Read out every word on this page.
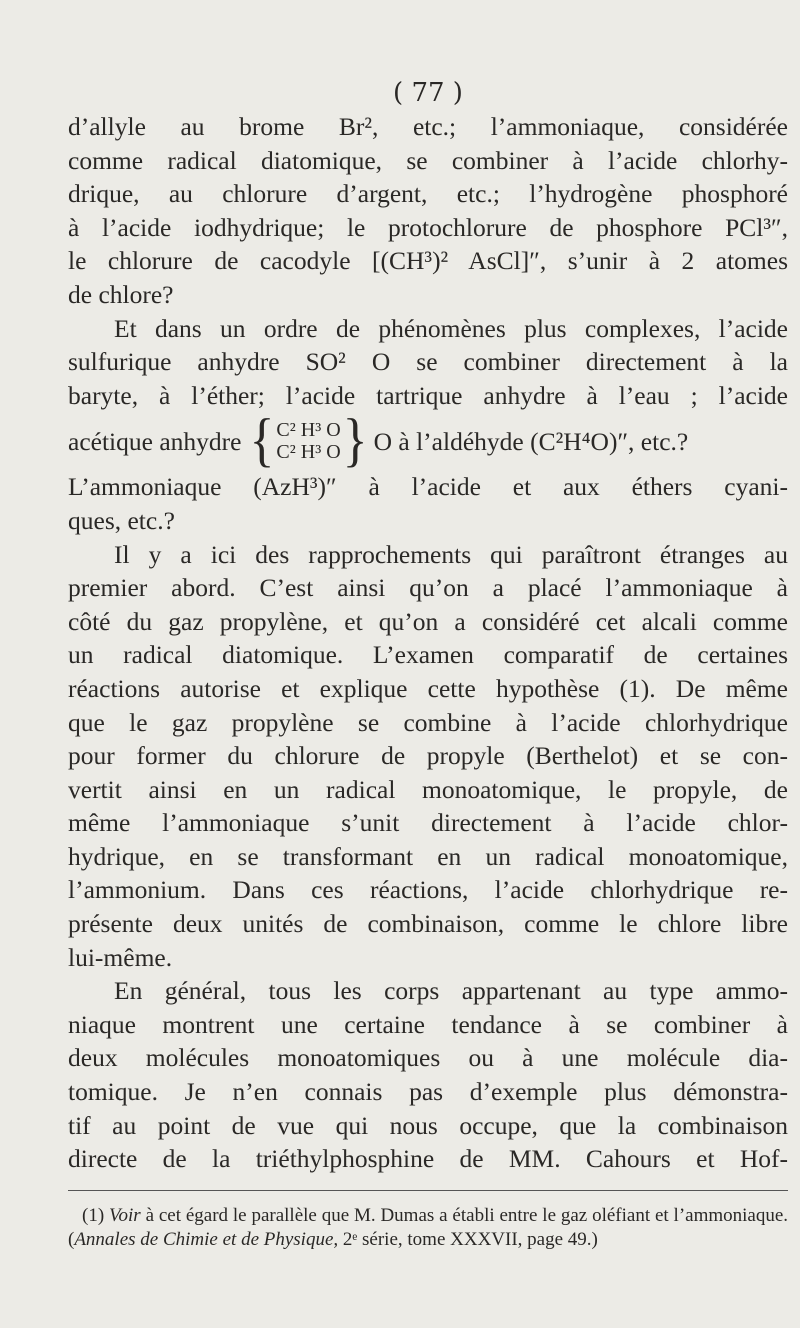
( 77 )

d’allyle au brome Br², etc.; l’ammoniaque, considérée
comme radical diatomique, se combiner à l’acide chlorhy-
drique, au chlorure d’argent, etc.; l’hydrogène phosphoré
à l’acide iodhydrique; le protochlorure de phosphore PCl³″,
le chlorure de cacodyle [(CH³)² AsCl]″, s’unir à 2 atomes
de chlore?

Et dans un ordre de phénomènes plus complexes, l’acide
sulfurique anhydre SO² O se combiner directement à la
baryte, à l’éther; l’acide tartrique anhydre à l’eau ; l’acide
acétique anhydre { C² H³ O
C² H³ O } O à l’aldéhyde (C²H⁴O)″, etc.?
L’ammoniaque (AzH³)″ à l’acide et aux éthers cyani-
ques, etc.?

Il y a ici des rapprochements qui paraîtront étranges au
premier abord. C’est ainsi qu’on a placé l’ammoniaque à
côté du gaz propylène, et qu’on a considéré cet alcali comme
un radical diatomique. L’examen comparatif de certaines
réactions autorise et explique cette hypothèse (1). De même
que le gaz propylène se combine à l’acide chlorhydrique
pour former du chlorure de propyle (Berthelot) et se con-
vertit ainsi en un radical monoatomique, le propyle, de
même l’ammoniaque s’unit directement à l’acide chlor-
hydrique, en se transformant en un radical monoatomique,
l’ammonium. Dans ces réactions, l’acide chlorhydrique re-
présente deux unités de combinaison, comme le chlore libre
lui-même.

En général, tous les corps appartenant au type ammo-
niaque montrent une certaine tendance à se combiner à
deux molécules monoatomiques ou à une molécule dia-
tomique. Je n’en connais pas d’exemple plus démonstra-
tif au point de vue qui nous occupe, que la combinaison
directe de la triéthylphosphine de MM. Cahours et Hof-

(1) Voir à cet égard le parallèle que M. Dumas a établi entre le gaz oléfiant et l’ammoniaque. (Annales de Chimie et de Physique, 2ᵉ série, tome XXXVII, page 49.)
